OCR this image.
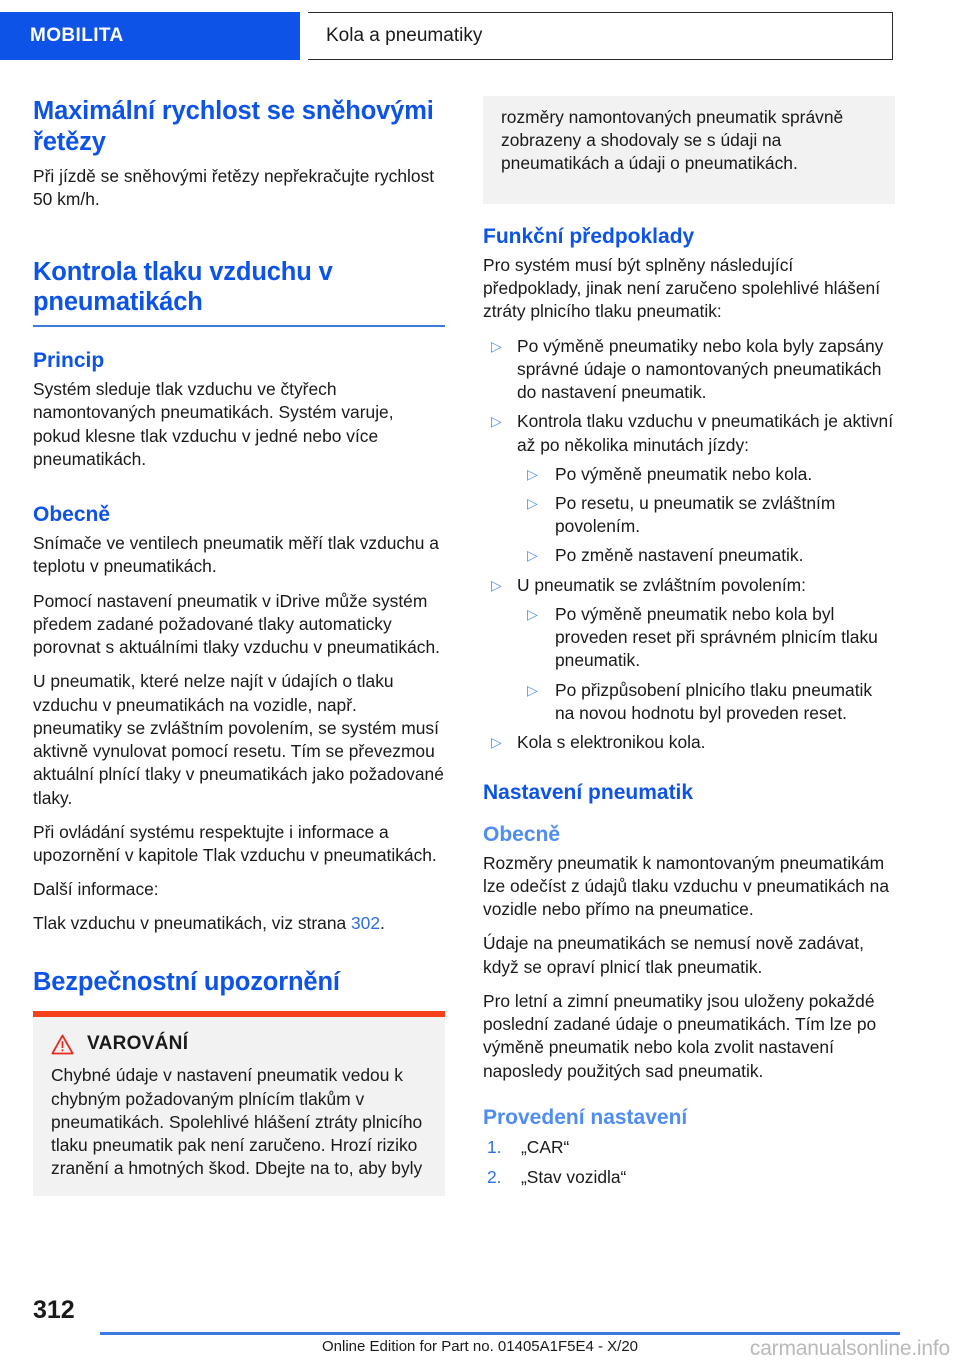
MOBILITA	Kola a pneumatiky
Maximální rychlost se sněhovými řetězy

Při jízdě se sněhovými řetězy nepřekračujte rychlost 50 km/h.

Kontrola tlaku vzduchu v pneumatikách
Princip

Systém sleduje tlak vzduchu ve čtyřech namontovaných pneumatikách. Systém varuje, pokud klesne tlak vzduchu v jedné nebo více pneumatikách.

Obecně

Snímače ve ventilech pneumatik měří tlak vzduchu a teplotu v pneumatikách.

Pomocí nastavení pneumatik v iDrive může systém předem zadané požadované tlaky automaticky porovnat s aktuálními tlaky vzduchu v pneumatikách.

U pneumatik, které nelze najít v údajích o tlaku vzduchu v pneumatikách na vozidle, např. pneumatiky se zvláštním povolením, se systém musí aktivně vynulovat pomocí resetu. Tím se převezmou aktuální plnící tlaky v pneumatikách jako požadované tlaky.

Při ovládání systému respektujte i informace a upozornění v kapitole Tlak vzduchu v pneumatikách.

Další informace:

Tlak vzduchu v pneumatikách, viz strana 302.

Bezpečnostní upozornění
VAROVÁNÍ

Chybné údaje v nastavení pneumatik vedou k chybným požadovaným plnícím tlakům v pneumatikách. Spolehlivé hlášení ztráty plnicího tlaku pneumatik pak není zaručeno. Hrozí riziko zranění a hmotných škod. Dbejte na to, aby byly

rozměry namontovaných pneumatik správně zobrazeny a shodovaly se s údaji na pneumatikách a údaji o pneumatikách.

Funkční předpoklady

Pro systém musí být splněny následující předpoklady, jinak není zaručeno spolehlivé hlášení ztráty plnicího tlaku pneumatik:

▷ Po výměně pneumatiky nebo kola byly zapsány správné údaje o namontovaných pneumatikách do nastavení pneumatik.
▷ Kontrola tlaku vzduchu v pneumatikách je aktivní až po několika minutách jízdy:
▷ Po výměně pneumatik nebo kola.
▷ Po resetu, u pneumatik se zvláštním povolením.
▷ Po změně nastavení pneumatik.
▷ U pneumatik se zvláštním povolením:
▷ Po výměně pneumatik nebo kola byl proveden reset při správném plnicím tlaku pneumatik.
▷ Po přizpůsobení plnicího tlaku pneumatik na novou hodnotu byl proveden reset.
▷ Kola s elektronikou kola.
Nastavení pneumatik
Obecně

Rozměry pneumatik k namontovaným pneumatikám lze odečíst z údajů tlaku vzduchu v pneumatikách na vozidle nebo přímo na pneumatice.

Údaje na pneumatikách se nemusí nově zadávat, když se opraví plnicí tlak pneumatik.

Pro letní a zimní pneumatiky jsou uloženy pokaždé poslední zadané údaje o pneumatikách. Tím lze po výměně pneumatik nebo kola zvolit nastavení naposledy použitých sad pneumatik.

Provedení nastavení
„CAR“
„Stav vozidla“
312
Online Edition for Part no. 01405A1F5E4 - X/20	carmanualsonline.info
